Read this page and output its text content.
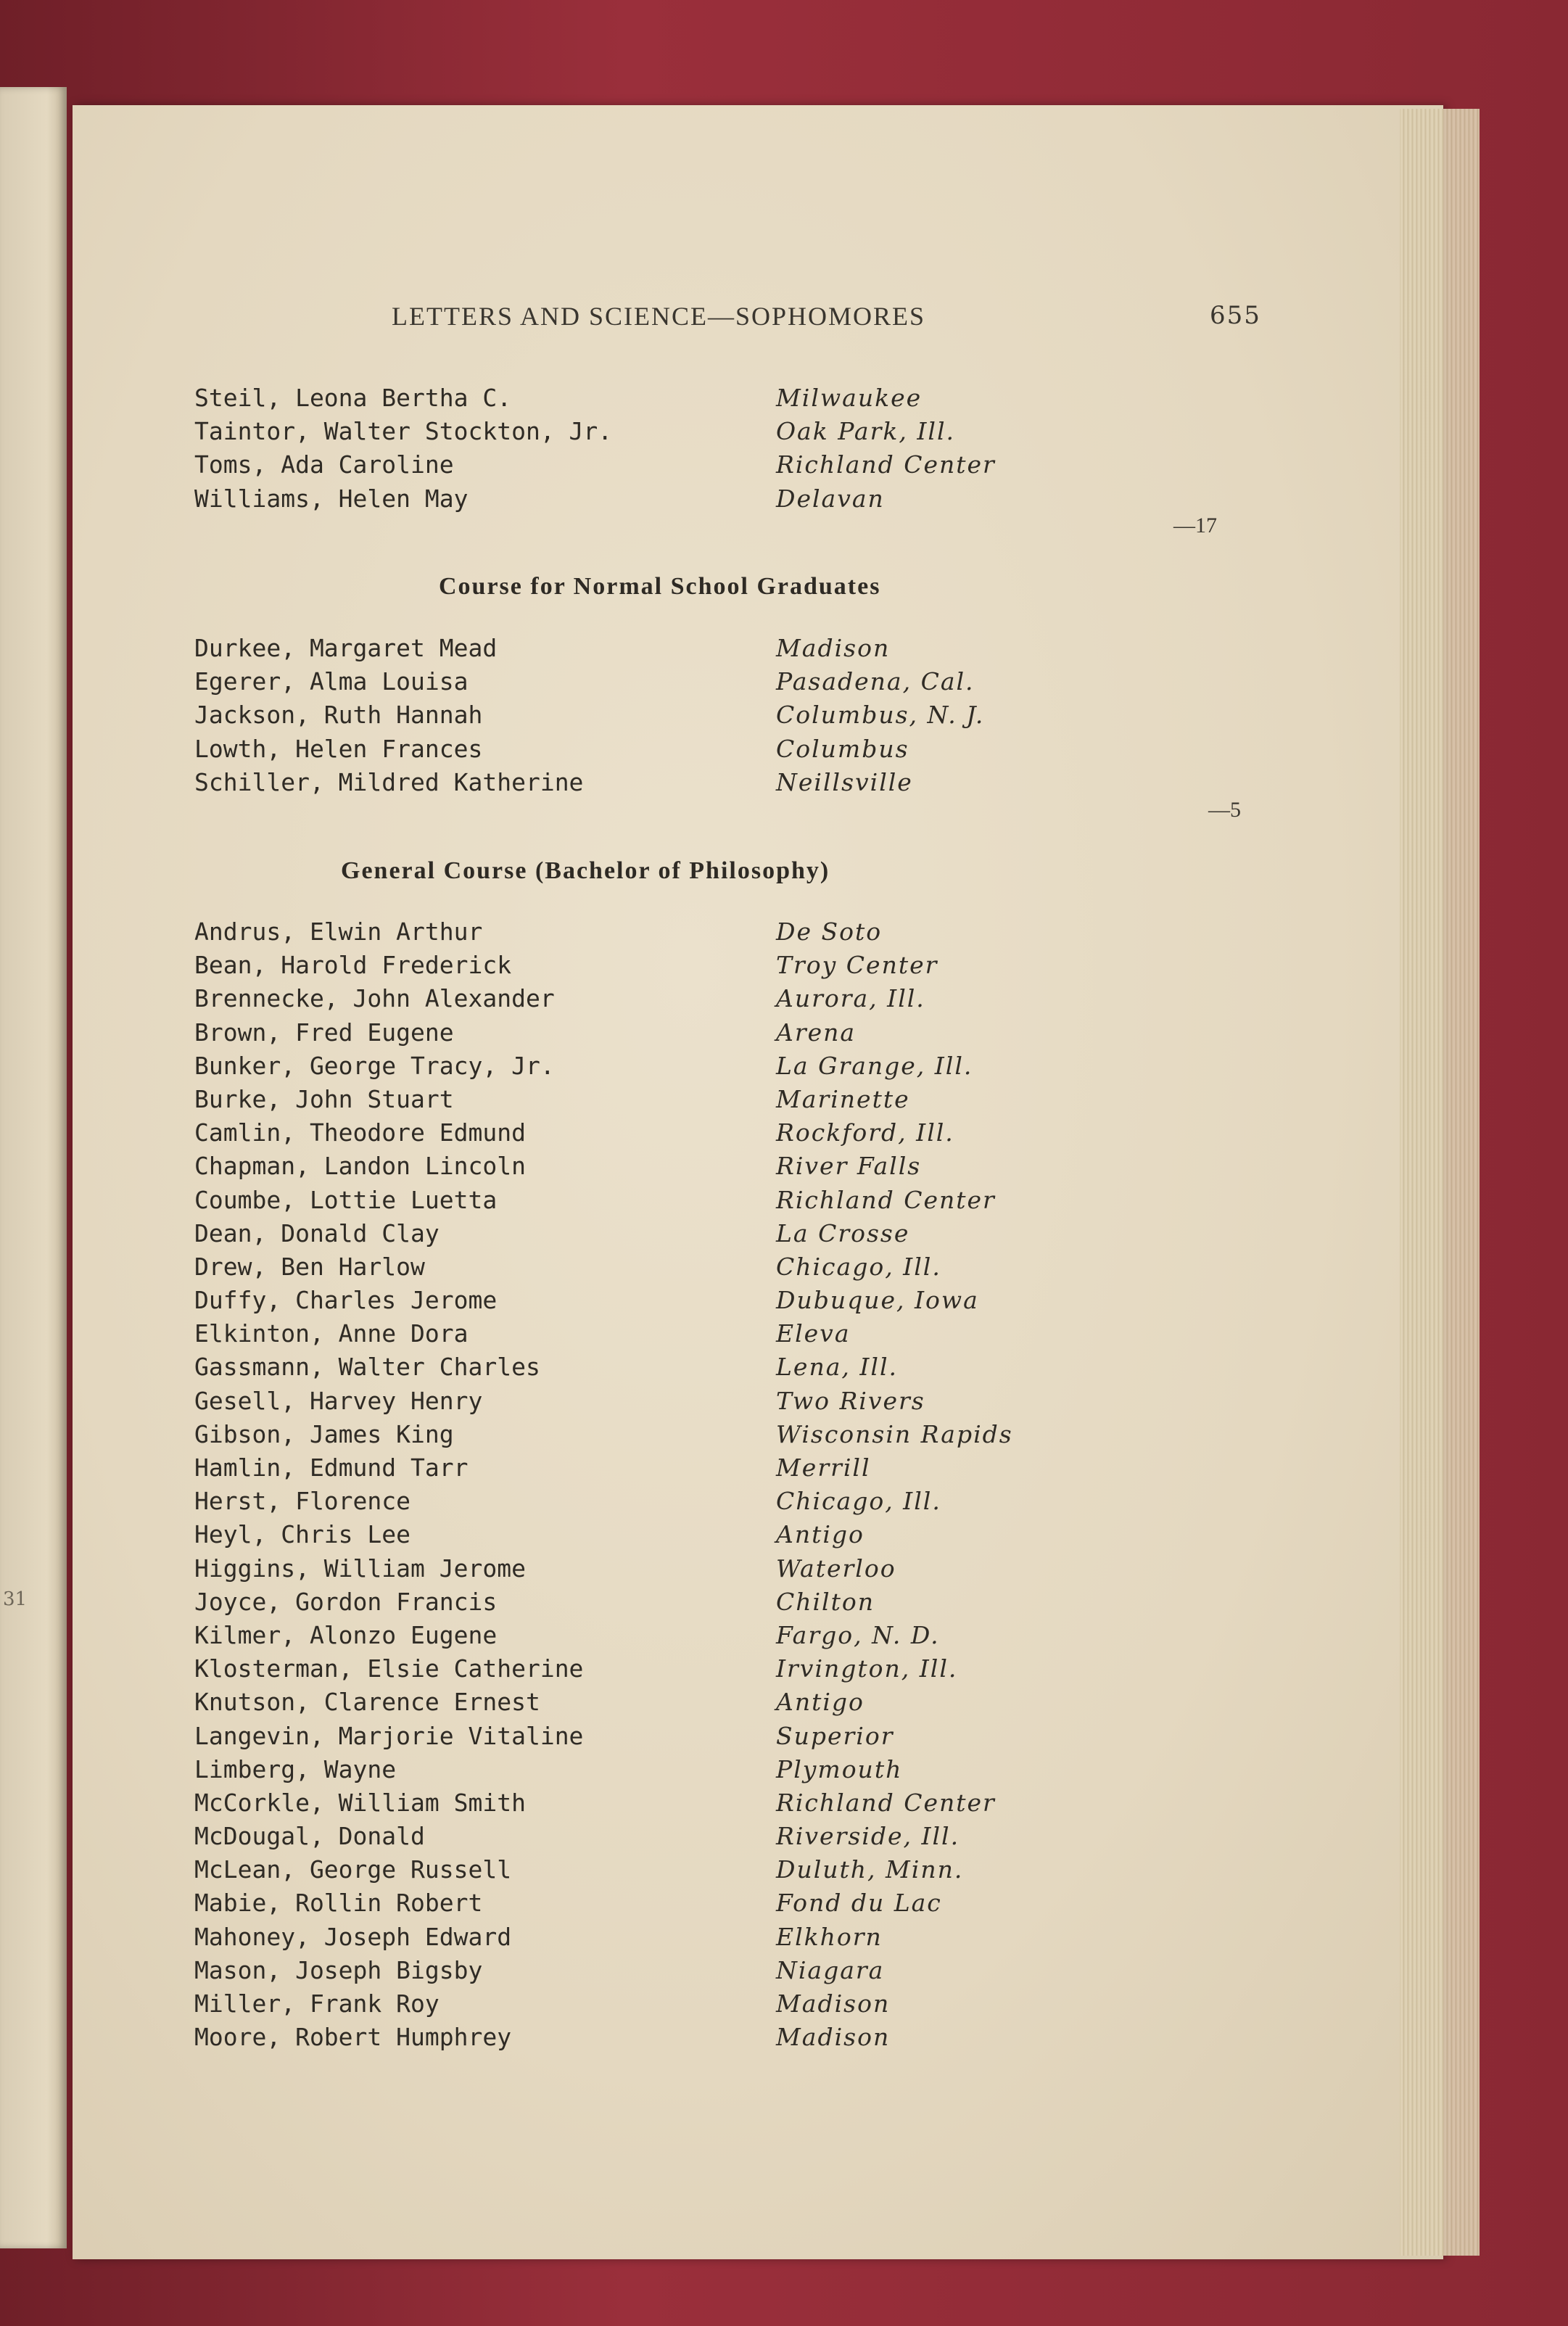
31
LETTERS AND SCIENCE—SOPHOMORES	655
Steil, Leona Bertha C.	Milwaukee
Taintor, Walter Stockton, Jr.	Oak Park, Ill.
Toms, Ada Caroline	Richland Center
Williams, Helen May	Delavan
—17
Course for Normal School Graduates
Durkee, Margaret Mead	Madison
Egerer, Alma Louisa	Pasadena, Cal.
Jackson, Ruth Hannah	Columbus, N. J.
Lowth, Helen Frances	Columbus
Schiller, Mildred Katherine	Neillsville
—5
General Course (Bachelor of Philosophy)
Andrus, Elwin Arthur	De Soto
Bean, Harold Frederick	Troy Center
Brennecke, John Alexander	Aurora, Ill.
Brown, Fred Eugene	Arena
Bunker, George Tracy, Jr.	La Grange, Ill.
Burke, John Stuart	Marinette
Camlin, Theodore Edmund	Rockford, Ill.
Chapman, Landon Lincoln	River Falls
Coumbe, Lottie Luetta	Richland Center
Dean, Donald Clay	La Crosse
Drew, Ben Harlow	Chicago, Ill.
Duffy, Charles Jerome	Dubuque, Iowa
Elkinton, Anne Dora	Eleva
Gassmann, Walter Charles	Lena, Ill.
Gesell, Harvey Henry	Two Rivers
Gibson, James King	Wisconsin Rapids
Hamlin, Edmund Tarr	Merrill
Herst, Florence	Chicago, Ill.
Heyl, Chris Lee	Antigo
Higgins, William Jerome	Waterloo
Joyce, Gordon Francis	Chilton
Kilmer, Alonzo Eugene	Fargo, N. D.
Klosterman, Elsie Catherine	Irvington, Ill.
Knutson, Clarence Ernest	Antigo
Langevin, Marjorie Vitaline	Superior
Limberg, Wayne	Plymouth
McCorkle, William Smith	Richland Center
McDougal, Donald	Riverside, Ill.
McLean, George Russell	Duluth, Minn.
Mabie, Rollin Robert	Fond du Lac
Mahoney, Joseph Edward	Elkhorn
Mason, Joseph Bigsby	Niagara
Miller, Frank Roy	Madison
Moore, Robert Humphrey	Madison
